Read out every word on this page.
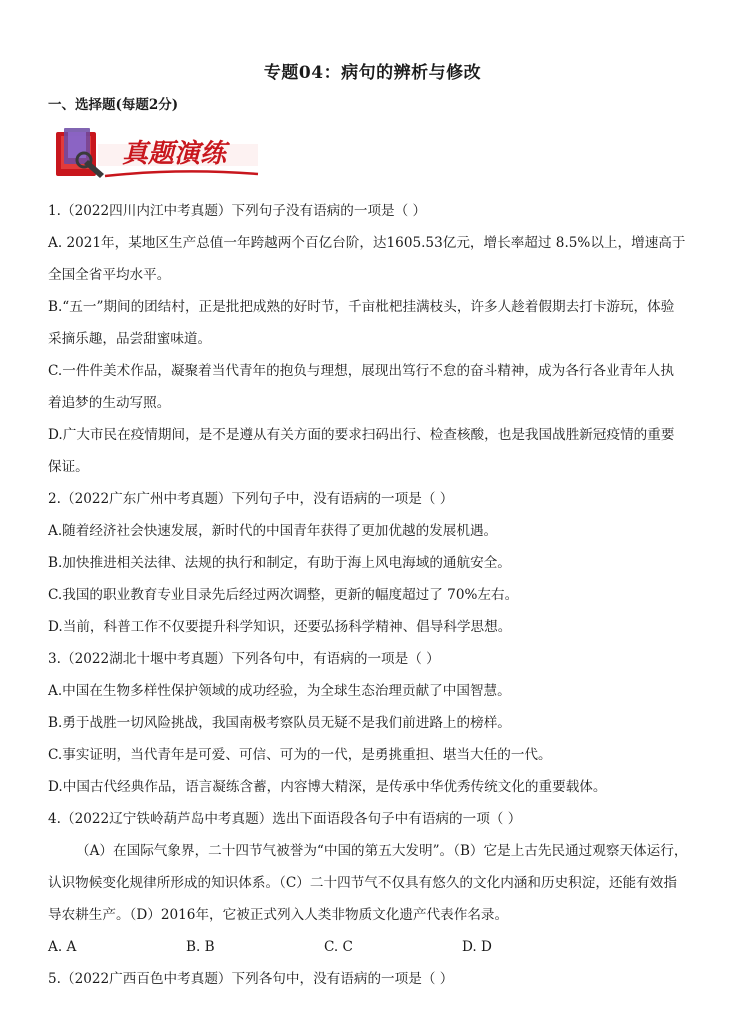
专题04：病句的辨析与修改
一、选择题(每题2分)
真题演练
1.（2022四川内江中考真题）下列句子没有语病的一项是（ ）
A. 2021年，某地区生产总值一年跨越两个百亿台阶，达1605.53亿元，增长率超过 8.5%以上，增速高于
全国全省平均水平。
B.“五一”期间的团结村，正是批把成熟的好时节，千亩枇杷挂满枝头，许多人趁着假期去打卡游玩，体验
采摘乐趣，品尝甜蜜味道。
C.一件件美术作品，凝聚着当代青年的抱负与理想，展现出笃行不怠的奋斗精神，成为各行各业青年人执
着追梦的生动写照。
D.广大市民在疫情期间，是不是遵从有关方面的要求扫码出行、检查核酸，也是我国战胜新冠疫情的重要
保证。
2.（2022广东广州中考真题）下列句子中，没有语病的一项是（ ）
A.随着经济社会快速发展，新时代的中国青年获得了更加优越的发展机遇。
B.加快推进相关法律、法规的执行和制定，有助于海上风电海域的通航安全。
C.我国的职业教育专业目录先后经过两次调整，更新的幅度超过了 70%左右。
D.当前，科普工作不仅要提升科学知识，还要弘扬科学精神、倡导科学思想。
3.（2022湖北十堰中考真题）下列各句中，有语病的一项是（ ）
A.中国在生物多样性保护领域的成功经验，为全球生态治理贡献了中国智慧。
B.勇于战胜一切风险挑战，我国南极考察队员无疑不是我们前进路上的榜样。
C.事实证明，当代青年是可爱、可信、可为的一代，是勇挑重担、堪当大任的一代。
D.中国古代经典作品，语言凝练含蓄，内容博大精深，是传承中华优秀传统文化的重要载体。
4.（2022辽宁铁岭葫芦岛中考真题）选出下面语段各句子中有语病的一项（ ）
（A）在国际气象界，二十四节气被誉为“中国的第五大发明”。（B）它是上古先民通过观察天体运行，
认识物候变化规律所形成的知识体系。（C）二十四节气不仅具有悠久的文化内涵和历史积淀，还能有效指
导农耕生产。（D）2016年，它被正式列入人类非物质文化遗产代表作名录。
A. A	B. B	C. C	D. D
5.（2022广西百色中考真题）下列各句中，没有语病的一项是（ ）
